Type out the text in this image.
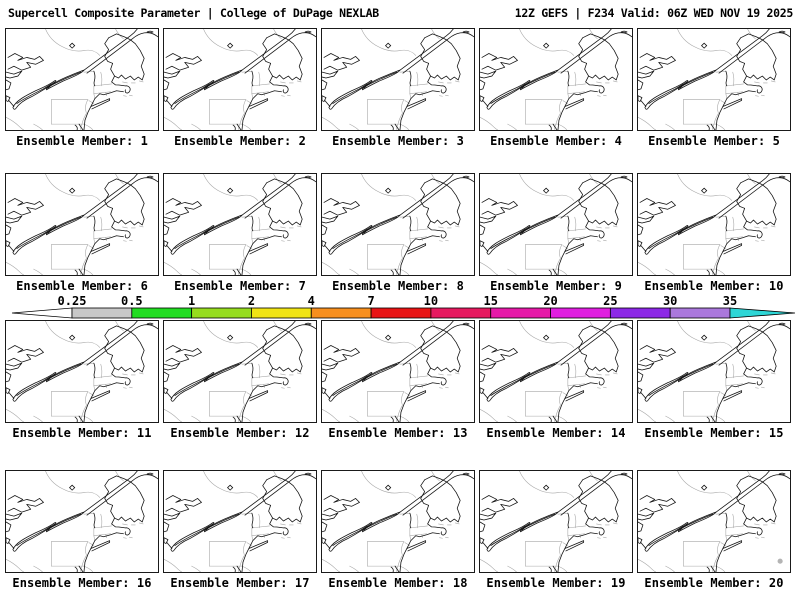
Supercell Composite Parameter | College of DuPage NEXLAB	12Z GEFS | F234 Valid: 06Z WED NOV 19 2025
Ensemble Member: 1	Ensemble Member: 2	Ensemble Member: 3	Ensemble Member: 4	Ensemble Member: 5
Ensemble Member: 6	Ensemble Member: 7	Ensemble Member: 8	Ensemble Member: 9	Ensemble Member: 10
0.25	0.5	1	2	4	7	10	15	20	25	30	35
Ensemble Member: 11	Ensemble Member: 12	Ensemble Member: 13	Ensemble Member: 14	Ensemble Member: 15
Ensemble Member: 16	Ensemble Member: 17	Ensemble Member: 18	Ensemble Member: 19	Ensemble Member: 20
